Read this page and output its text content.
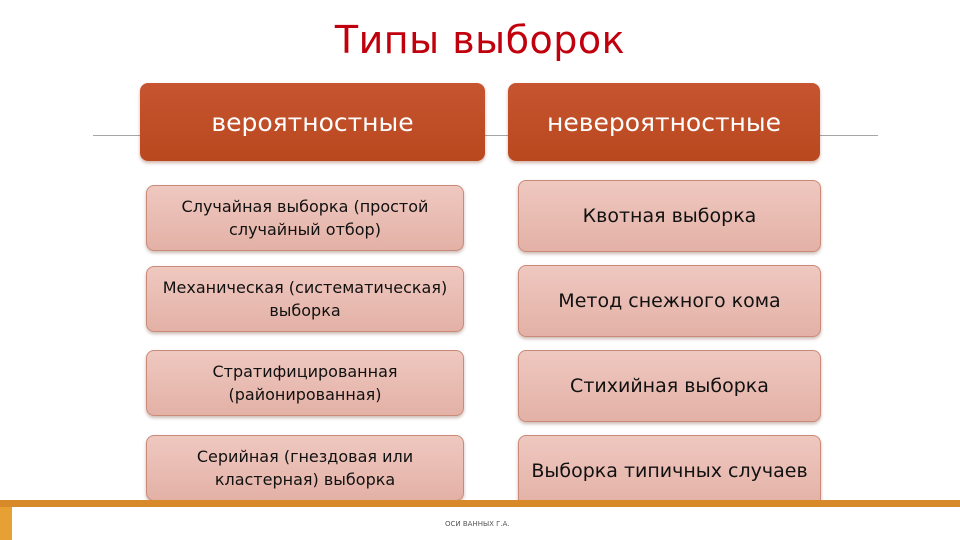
Типы выборок
вероятностные	невероятностные
Случайная выборка (простой случайный отбор)
Механическая (систематическая) выборка
Стратифицированная (районированная)
Серийная (гнездовая или кластерная) выборка
Квотная выборка
Метод снежного кома
Стихийная выборка
Выборка типичных случаев
ОСИ ВАННЫХ Г.А.
